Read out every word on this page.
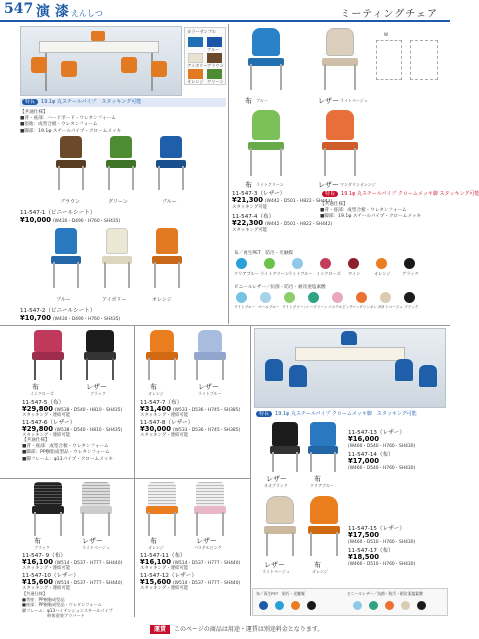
547 演 漆 えんしつ	ミーティングチェア
カラーサンプル
ブルー
アイボリー ブラウン
オレンジ グリーン
特長 19.1φ 丸スチールパイプ　スタッキング可能
【共通仕様】
■背・座部：ハードボード・ウレタンフォーム
■張地：成型合板・ウレタンフォーム
■脚部：19.1φ スチールパイプ・クロームメッキ
ブラウン	グリーン	ブルー
11-547-1（ビニールシート）
¥10,000 (W430・D490・H760・SH435)
ブルー	アイボリー	オレンジ
11-547-2（ビニールシート）
¥10,700 (W430・D490・H760・SH435)
布 ブルー	レザー ライトベージュ
W
布 ライトグリーン	レザー マンダリンオレンジ
11-547-3（レザー）
¥21,300 (W442・D501・H822・SH442)
スタッキング可能
11-547-4（布）
¥22,300 (W442・D501・H822・SH442)
スタッキング可能
特長 19.1φ 丸スチールパイプ クロームメッキ脚 スタッキング可能
【共通仕様】
■背・座部：成型合板・ウレタンフォーム
■脚部：19.1φ スチールパイプ・クロームメッキ
布／再生PET　防汚・光触媒
クリアブルー ライトグリーン
ライトブルー インクローズ ワイン	オレンジ	ブラック
ビニールレザー／抗菌・防汚・耐次亜塩素酸
ライトブルー ペールブルー ライトグリーン シーグリーン パステルピンク マンダリンオレンジ
ライトベージュ ブラック
布
インクローズ
レザー
ブラック
11-547-5（布）
¥29,800 (W538・D540・H810・SH435)
スタッキング・連結可能
11-547-6（レザー）
¥29,800 (W538・D540・H810・SH435)
スタッキング・連結可能
【共通仕様】
■背・座部：成型合板・ウレタンフォーム
■脚部：PP樹脂成型品・ウレタンフォーム
■脚フレーム：φ13パイプ・クロームメッキ
布
オレンジ
レザー
ライトブルー
11-547-7（布）
¥31,400 (W533・D536・H745・SH385)
スタッキング・連結可能
11-547-8（レザー）
¥30,000 (W533・D536・H745・SH385)
スタッキング・連結可能
特長 19.1φ 丸スチールパイプ クロームメッキ脚　スタッキング可能
レザー
ネオブラック
布
クリアブルー
11-547-13（レザー）
¥16,000
(W460・D540・H760・SH430)
11-547-14（布）
¥17,000
(W460・D540・H760・SH430)
レザー
ライトベージュ
布
オレンジ
11-547-15（レザー）
¥17,500
(W460・D510・H760・SH430)
11-547-17（布）
¥18,500
(W460・D510・H760・SH430)
布／再生PET　防汚・光触媒	ビニールレザー／抗菌・防汚・耐次亜塩素酸
布
ブラック
レザー
ライトベージュ
11-547- 9（布）
¥16,100 (W514・D537・H777・SH440)
スタッキング・連結可能
11-547-10（レザー）
¥15,600 (W514・D537・H777・SH440)
スタッキング・連結可能
【共通仕様】
■背座：PP樹脂成型品
■座部：PP樹脂成型品・ウレタンフォーム
脚フレーム：φ13ハイテンションスチールパイプ
　　　　　　粉体塗装ブラバート
布
オレンジ
レザー
パステルピンク
11-547-11（布）
¥16,100 (W514・D537・H777・SH440)
スタッキング・連結可能
11-547-12（レザー）
¥15,600 (W514・D537・H777・SH440)
スタッキング・連結可能
運賃 このページの商品は用途・運賃は別途料金となります。
